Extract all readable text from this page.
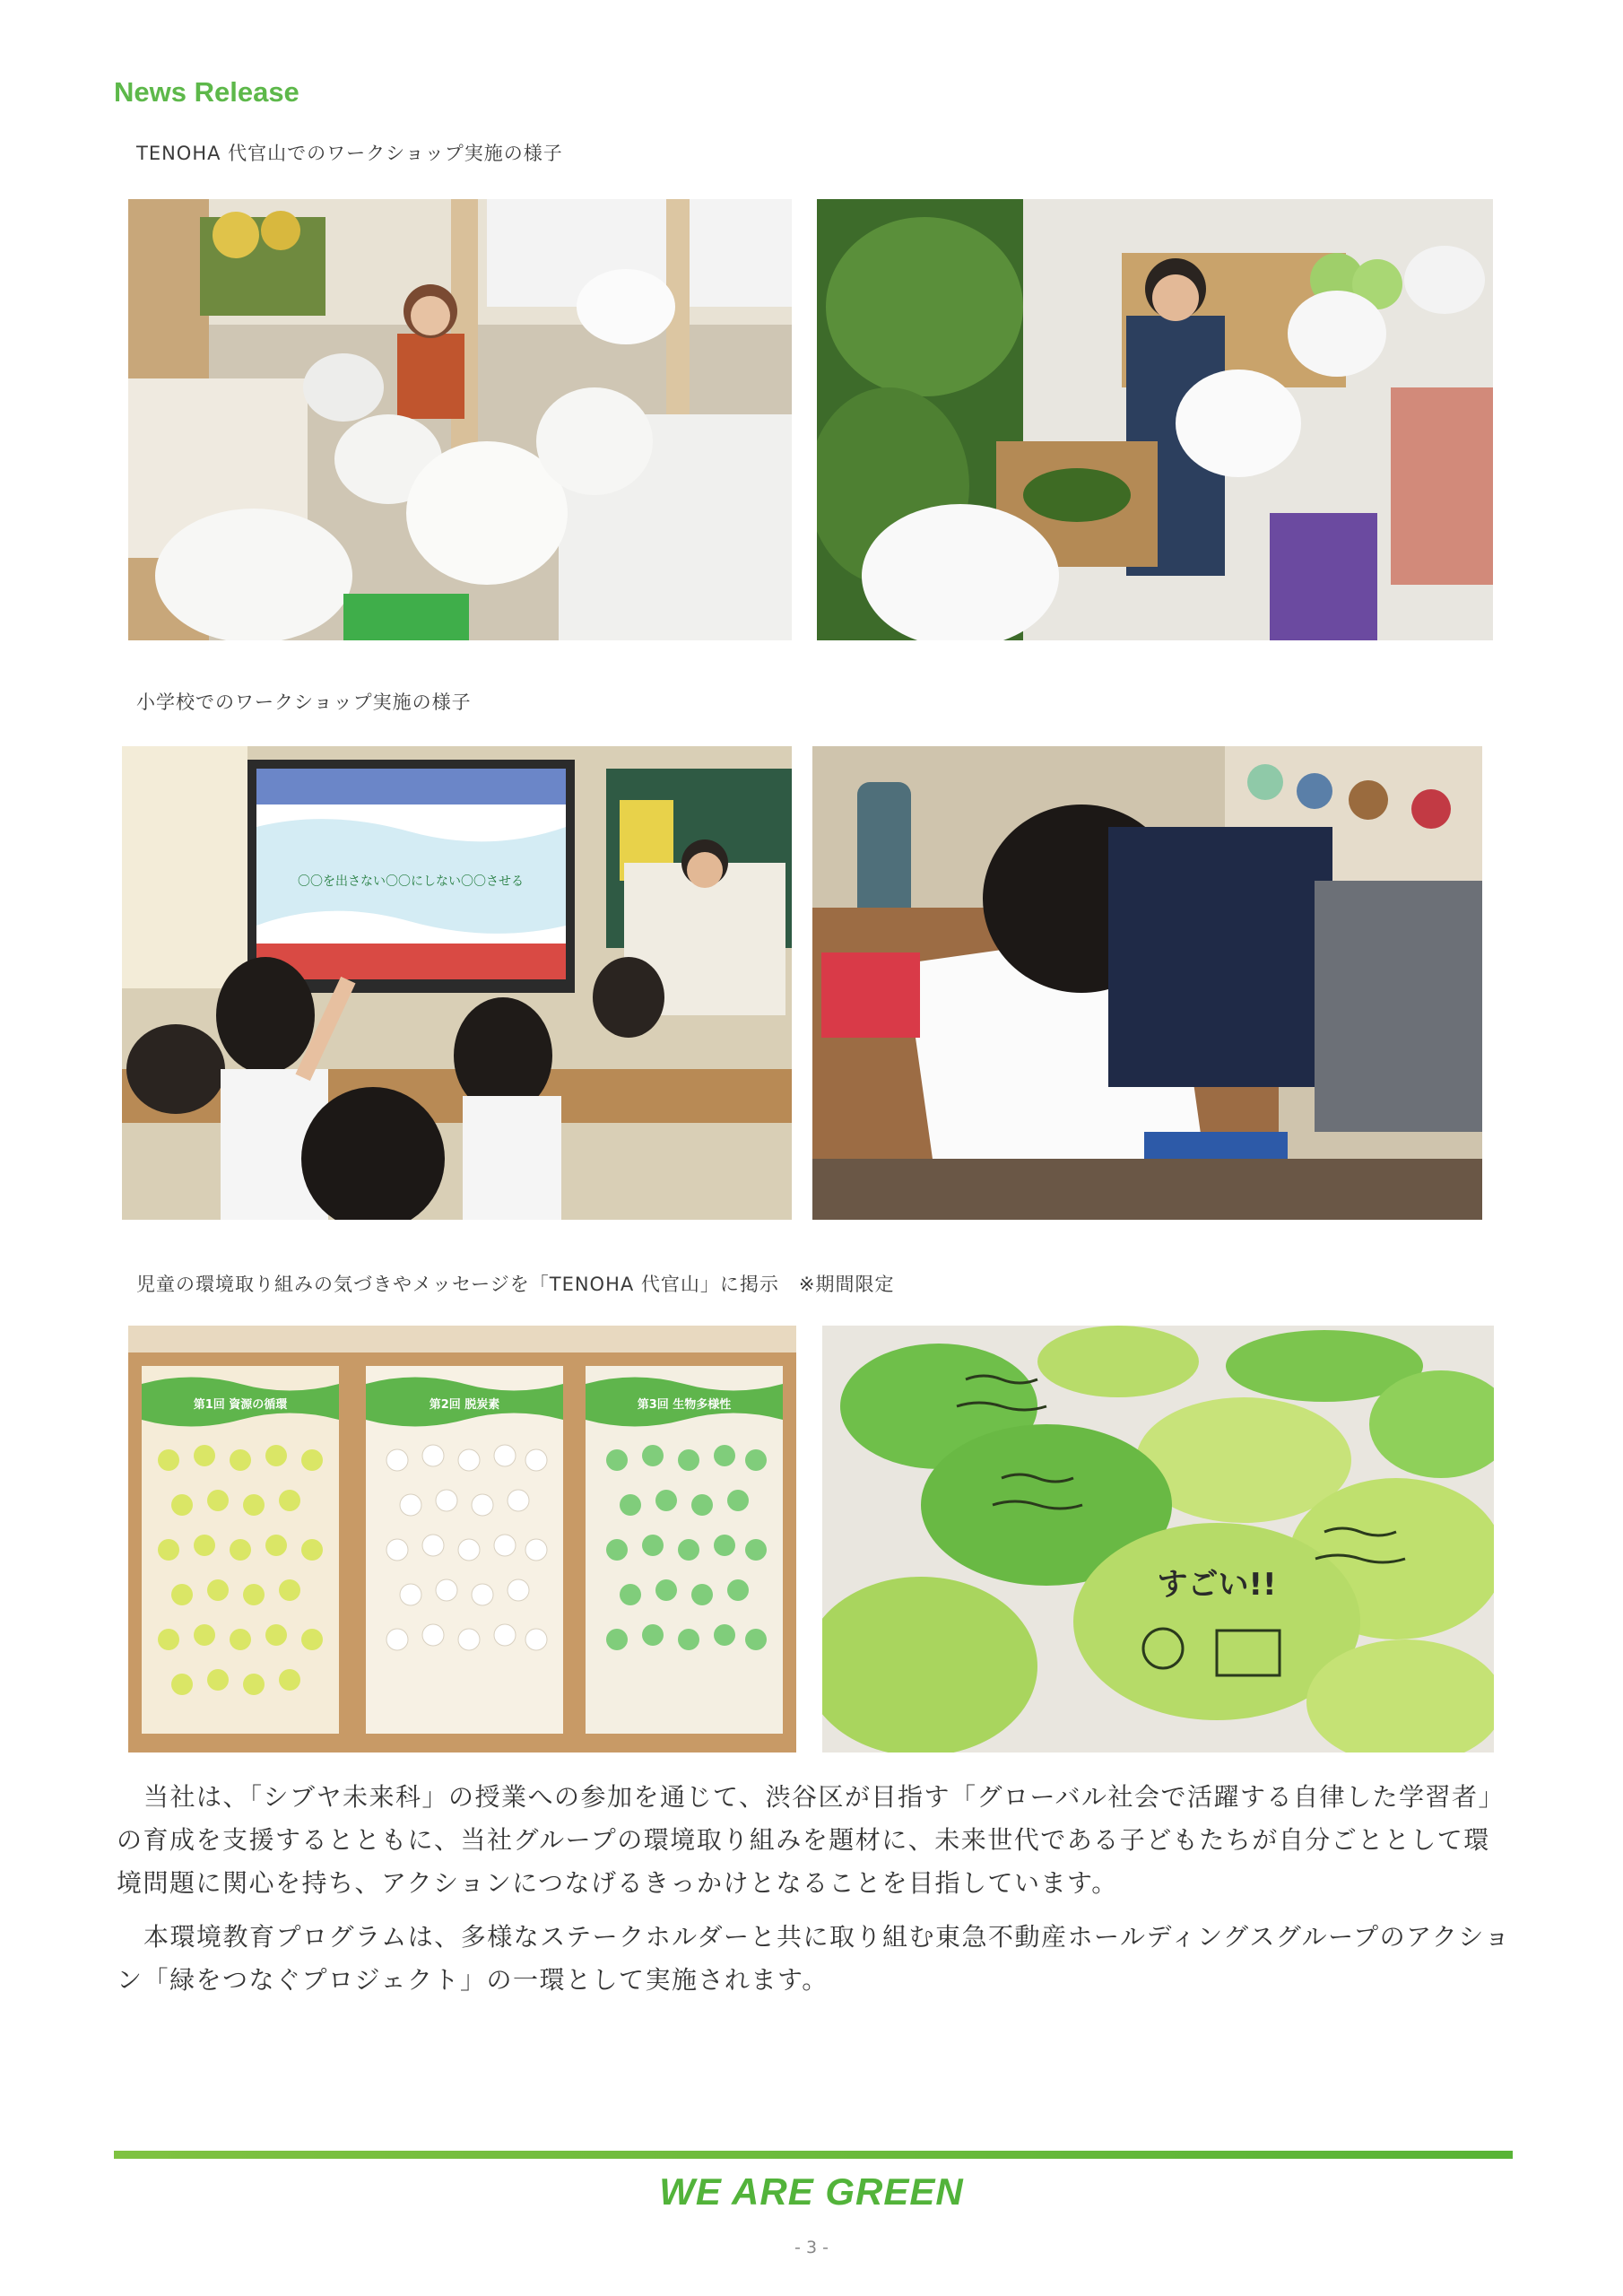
News Release
TENOHA 代官山でのワークショップ実施の様子
小学校でのワークショップ実施の様子
〇〇を出さない〇〇にしない〇〇させる
児童の環境取り組みの気づきやメッセージを「TENOHA 代官山」に掲示　※期間限定
第1回 資源の循環	第2回 脱炭素	第3回 生物多様性
すごい!!

当社は、「シブヤ未来科」の授業への参加を通じて、渋谷区が目指す「グローバル社会で活躍する自律した学習者」の育成を支援するとともに、当社グループの環境取り組みを題材に、未来世代である子どもたちが自分ごととして環境問題に関心を持ち、アクションにつなげるきっかけとなることを目指しています。

本環境教育プログラムは、多様なステークホルダーと共に取り組む東急不動産ホールディングスグループのアクション「緑をつなぐプロジェクト」の一環として実施されます。

WE ARE GREEN
- 3 -
